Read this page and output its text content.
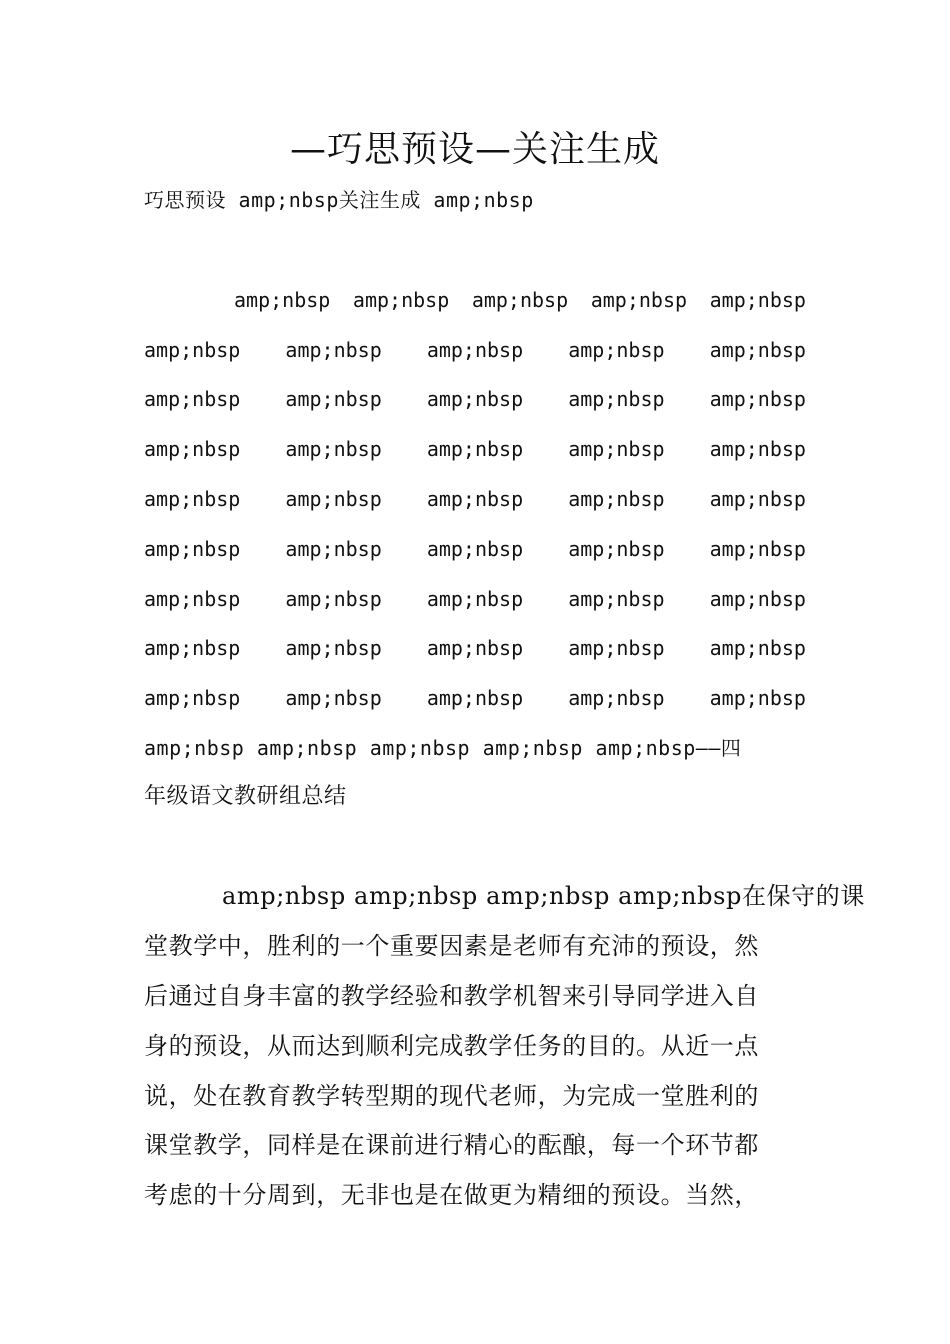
—巧思预设—关注生成
巧思预设 amp;nbsp关注生成 amp;nbsp
amp;nbsp amp;nbsp amp;nbsp amp;nbsp amp;nbsp
amp;nbsp amp;nbsp amp;nbsp amp;nbsp amp;nbsp
amp;nbsp amp;nbsp amp;nbsp amp;nbsp amp;nbsp
amp;nbsp amp;nbsp amp;nbsp amp;nbsp amp;nbsp
amp;nbsp amp;nbsp amp;nbsp amp;nbsp amp;nbsp
amp;nbsp amp;nbsp amp;nbsp amp;nbsp amp;nbsp
amp;nbsp amp;nbsp amp;nbsp amp;nbsp amp;nbsp
amp;nbsp amp;nbsp amp;nbsp amp;nbsp amp;nbsp
amp;nbsp amp;nbsp amp;nbsp amp;nbsp amp;nbsp
amp;nbsp amp;nbsp amp;nbsp amp;nbsp amp;nbsp——四
年级语文教研组总结
amp;nbsp amp;nbsp amp;nbsp amp;nbsp在保守的课
堂教学中，胜利的一个重要因素是老师有充沛的预设，然
后通过自身丰富的教学经验和教学机智来引导同学进入自
身的预设，从而达到顺利完成教学任务的目的。从近一点
说，处在教育教学转型期的现代老师，为完成一堂胜利的
课堂教学，同样是在课前进行精心的酝酿，每一个环节都
考虑的十分周到，无非也是在做更为精细的预设。当然，
